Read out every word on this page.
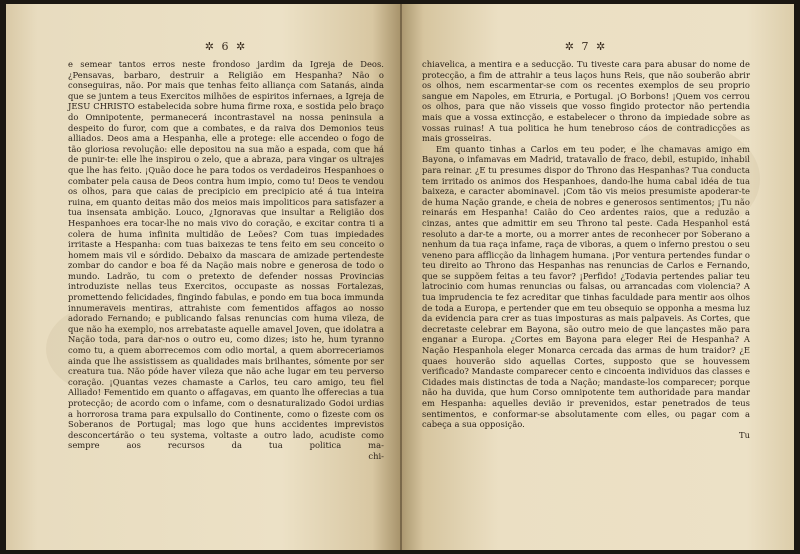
✲ 6 ✲

e semear tantos erros neste frondoso jardim da Igreja de Deos. ¿Pensavas, barbaro, destruir a Religião em Hespanha? Não o conseguiras, não. Por mais que tenhas feito alliança com Satanás, ainda que se juntem a teus Exercitos milhões de espiritos infernaes, a Igreja de JESU CHRISTO estabelecida sobre huma firme roxa, e sostida pelo braço do Omnipotente, permanecerá incontrastavel na nossa peninsula a despeito do furor, com que a combates, e da raiva dos Demonios teus alliados. Deos ama a Hespanha, elle a protege: elle accendeo o fogo de tão gloriosa revolução: elle depositou na sua mão a espada, com que há de punir-te: elle lhe inspirou o zelo, que a abraza, para vingar os ultrajes que lhe has feito. ¡Quão doce he para todos os verdadeiros Hespanhoes o combater pela causa de Deos contra hum impio, como tu! Deos te vendou os olhos, para que caias de precipicio em precipicio até á tua inteira ruina, em quanto deitas mão dos meios mais impoliticos para satisfazer a tua insensata ambição. Louco, ¿Ignoravas que insultar a Religião dos Hespanhoes era tocar-lhe no mais vivo do coração, e excitar contra ti a colera de huma infinita multidão de Leões? Com tuas impiedades irritaste a Hespanha: com tuas baixezas te tens feito em seu conceito o homem mais vil e sórdido. Debaixo da mascara de amizade pertendeste zombar do candor e boa fé da Nação mais nobre e generosa de todo o mundo. Ladrão, tu com o pretexto de defender nossas Provincias introduziste nellas teus Exercitos, occupaste as nossas Fortalezas, promettendo felicidades, fingindo fabulas, e pondo em tua boca immunda innumeraveis mentiras, attrahiste com fementidos affagos ao nosso adorado Fernando; e publicando falsas renuncias com huma vileza, de que não ha exemplo, nos arrebataste aquelle amavel Joven, que idolatra a Nação toda, para dar-nos o outro eu, como dizes; isto he, hum tyranno como tu, a quem aborrecemos com odio mortal, a quem aborreceriamos ainda que lhe assistissem as qualidades mais brilhantes, sómente por ser creatura tua. Não póde haver vileza que não ache lugar em teu perverso coração. ¡Quantas vezes chamaste a Carlos, teu caro amigo, teu fiel Alliado! Fementido em quanto o affagavas, em quanto lhe offerecias a tua protecção; de acordo com o infame, com o desnaturalizado Godoi urdias a horrorosa trama para expulsallo do Continente, como o fizeste com os Soberanos de Portugal; mas logo que huns accidentes imprevistos desconcertárão o teu systema, voltaste a outro lado, acudiste como sempre aos recursos da tua politica ma-

chi-
✲ 7 ✲

chiavelica, a mentira e a seducção. Tu tiveste cara para abusar do nome de protecção, a fim de attrahir a teus laços huns Reis, que não souberão abrir os olhos, nem escarmentar-se com os recentes exemplos de seu proprio sangue em Napoles, em Etruria, e Portugal. ¡O Borbons! ¡Quem vos cerrou os olhos, para que não visseis que vosso fingido protector não pertendia mais que a vossa extincção, e estabelecer o throno da impiedade sobre as vossas ruinas! A tua politica he hum tenebroso cáos de contradicções as mais grosseiras.

Em quanto tinhas a Carlos em teu poder, e lhe chamavas amigo em Bayona, o infamavas em Madrid, tratavallo de fraco, debil, estupido, inhabil para reinar. ¿E tu presumes dispor do Throno das Hespanhas? Tua conducta tem irritado os animos dos Hespanhoes, dando-lhe huma cabal idéa de tua baixeza, e caracter abominavel. ¡Com tão vis meios presumiste apoderar-te de huma Nação grande, e cheia de nobres e generosos sentimentos; ¡Tu não reinarás em Hespanha! Caião do Ceo ardentes raios, que a reduzão a cinzas, antes que admittir em seu Throno tal peste. Cada Hespanhol está resoluto a dar-te a morte, ou a morrer antes de reconhecer por Soberano a nenhum da tua raça infame, raça de viboras, a quem o inferno prestou o seu veneno para afflicção da linhagem humana. ¡Por ventura pertendes fundar o teu direito ao Throno das Hespanhas nas renuncias de Carlos e Fernando, que se suppõem feitas a teu favor? ¡Perfido! ¿Todavia pertendes paliar teu latrocinio com humas renuncias ou falsas, ou arrancadas com violencia? A tua imprudencia te fez acreditar que tinhas faculdade para mentir aos olhos de toda a Europa, e pertender que em teu obsequio se opponha a mesma luz da evidencia para crer as tuas imposturas as mais palpaveis. As Cortes, que decretaste celebrar em Bayona, são outro meio de que lançastes mão para enganar a Europa. ¿Cortes em Bayona para eleger Rei de Hespanha? A Nação Hespanhola eleger Monarca cercada das armas de hum traidor? ¿E quaes houverão sido aquellas Cortes, supposto que se houvessem verificado? Mandaste comparecer cento e cincoenta individuos das classes e Cidades mais distinctas de toda a Nação; mandaste-los comparecer; porque não ha duvida, que hum Corso omnipotente tem authoridade para mandar em Hespanha: aquelles devião ir prevenidos, estar penetrados de teus sentimentos, e conformar-se absolutamente com elles, ou pagar com a cabeça a sua opposição.

Tu
